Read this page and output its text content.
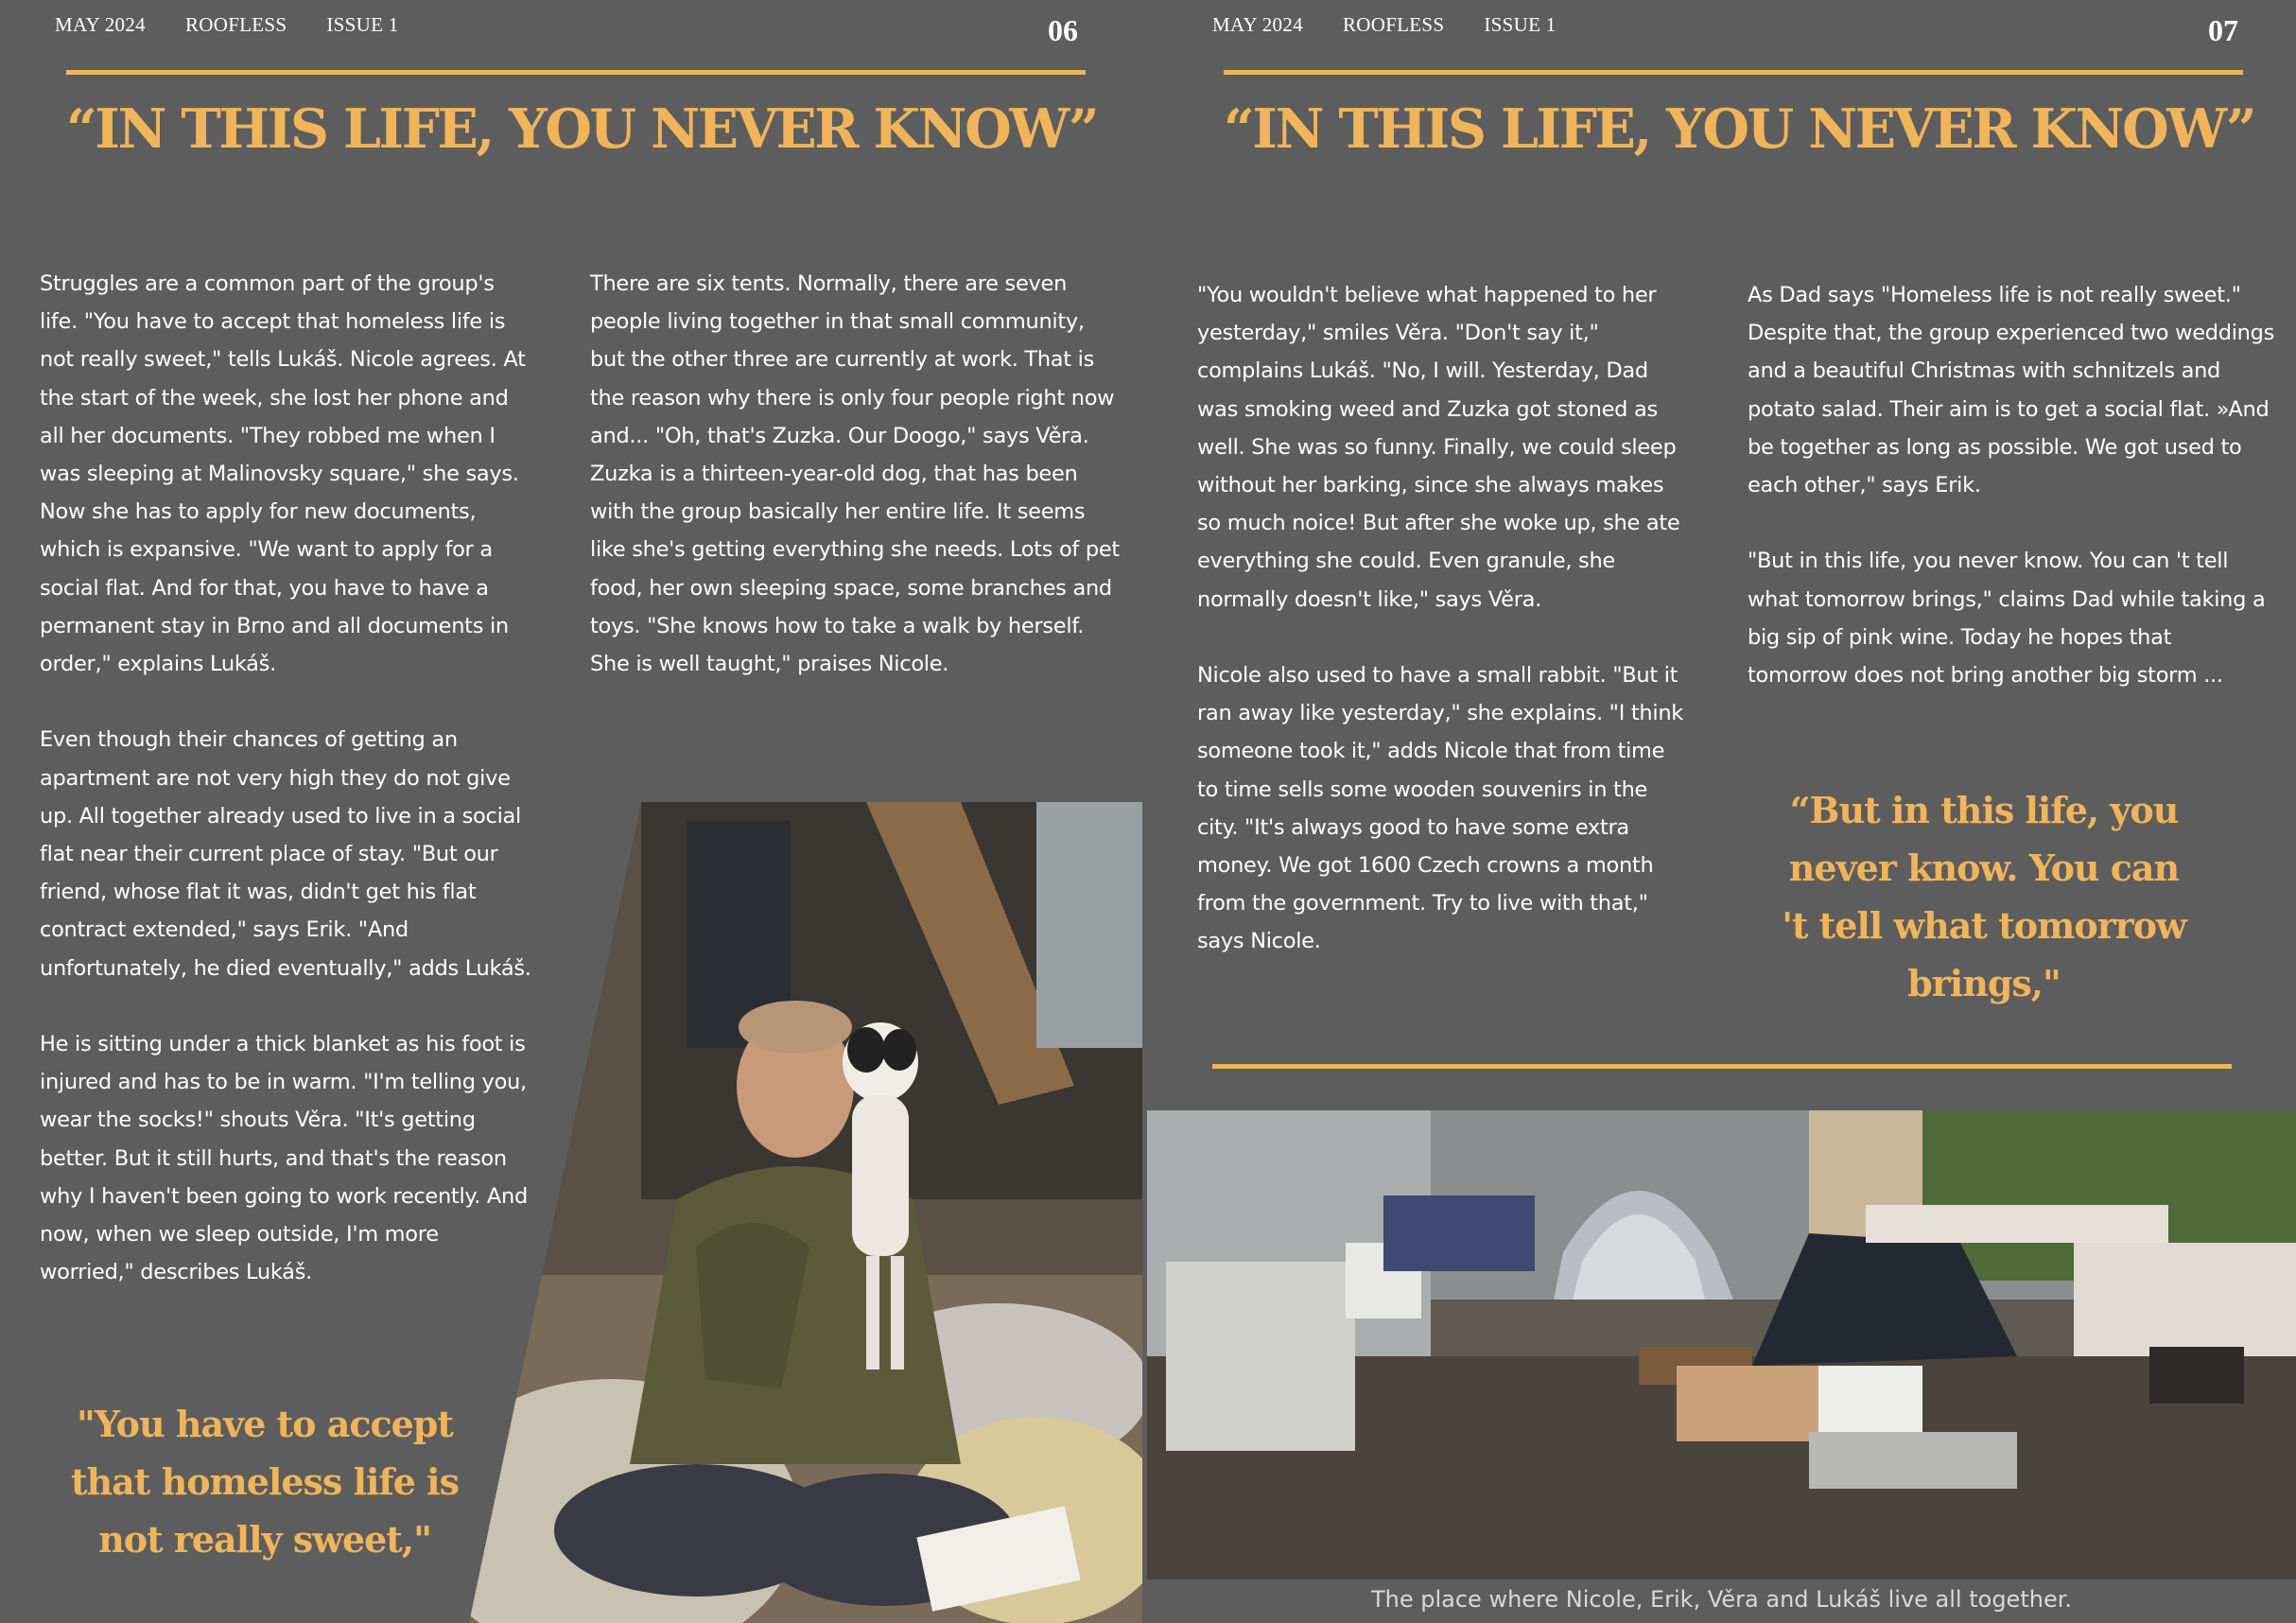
MAY 2024 ROOFLESS ISSUE 1	06
“IN THIS LIFE, YOU NEVER KNOW”

Struggles are a common part of the group's life. "You have to accept that homeless life is not really sweet," tells Lukáš. Nicole agrees. At the start of the week, she lost her phone and all her documents. "They robbed me when I was sleeping at Malinovsky square," she says. Now she has to apply for new documents, which is expansive. "We want to apply for a social flat. And for that, you have to have a permanent stay in Brno and all documents in order," explains Lukáš.

Even though their chances of getting an apartment are not very high they do not give up. All together already used to live in a social flat near their current place of stay. "But our friend, whose flat it was, didn't get his flat contract extended," says Erik. "And unfortunately, he died eventually," adds Lukáš.

He is sitting under a thick blanket as his foot is injured and has to be in warm. "I'm telling you, wear the socks!" shouts Věra. "It's getting better. But it still hurts, and that's the reason why I haven't been going to work recently. And now, when we sleep outside, I'm more worried," describes Lukáš.

There are six tents. Normally, there are seven people living together in that small community, but the other three are currently at work. That is the reason why there is only four people right now and... "Oh, that's Zuzka. Our Doogo," says Věra. Zuzka is a thirteen-year-old dog, that has been with the group basically her entire life. It seems like she's getting everything she needs. Lots of pet food, her own sleeping space, some branches and toys. "She knows how to take a walk by herself. She is well taught," praises Nicole.

"You have to accept that homeless life is not really sweet,"
MAY 2024 ROOFLESS ISSUE 1	07
“IN THIS LIFE, YOU NEVER KNOW”

"You wouldn't believe what happened to her yesterday," smiles Věra. "Don't say it," complains Lukáš. "No, I will. Yesterday, Dad was smoking weed and Zuzka got stoned as well. She was so funny. Finally, we could sleep without her barking, since she always makes so much noice! But after she woke up, she ate everything she could. Even granule, she normally doesn't like," says Věra.

Nicole also used to have a small rabbit. "But it ran away like yesterday," she explains. "I think someone took it," adds Nicole that from time to time sells some wooden souvenirs in the city. "It's always good to have some extra money. We got 1600 Czech crowns a month from the government. Try to live with that," says Nicole.

As Dad says "Homeless life is not really sweet." Despite that, the group experienced two weddings and a beautiful Christmas with schnitzels and potato salad. Their aim is to get a social flat. »And be together as long as possible. We got used to each other," says Erik.

"But in this life, you never know. You can 't tell what tomorrow brings," claims Dad while taking a big sip of pink wine. Today he hopes that tomorrow does not bring another big storm ...

“But in this life, you never know. You can 't tell what tomorrow brings,"
The place where Nicole, Erik, Věra and Lukáš live all together.
